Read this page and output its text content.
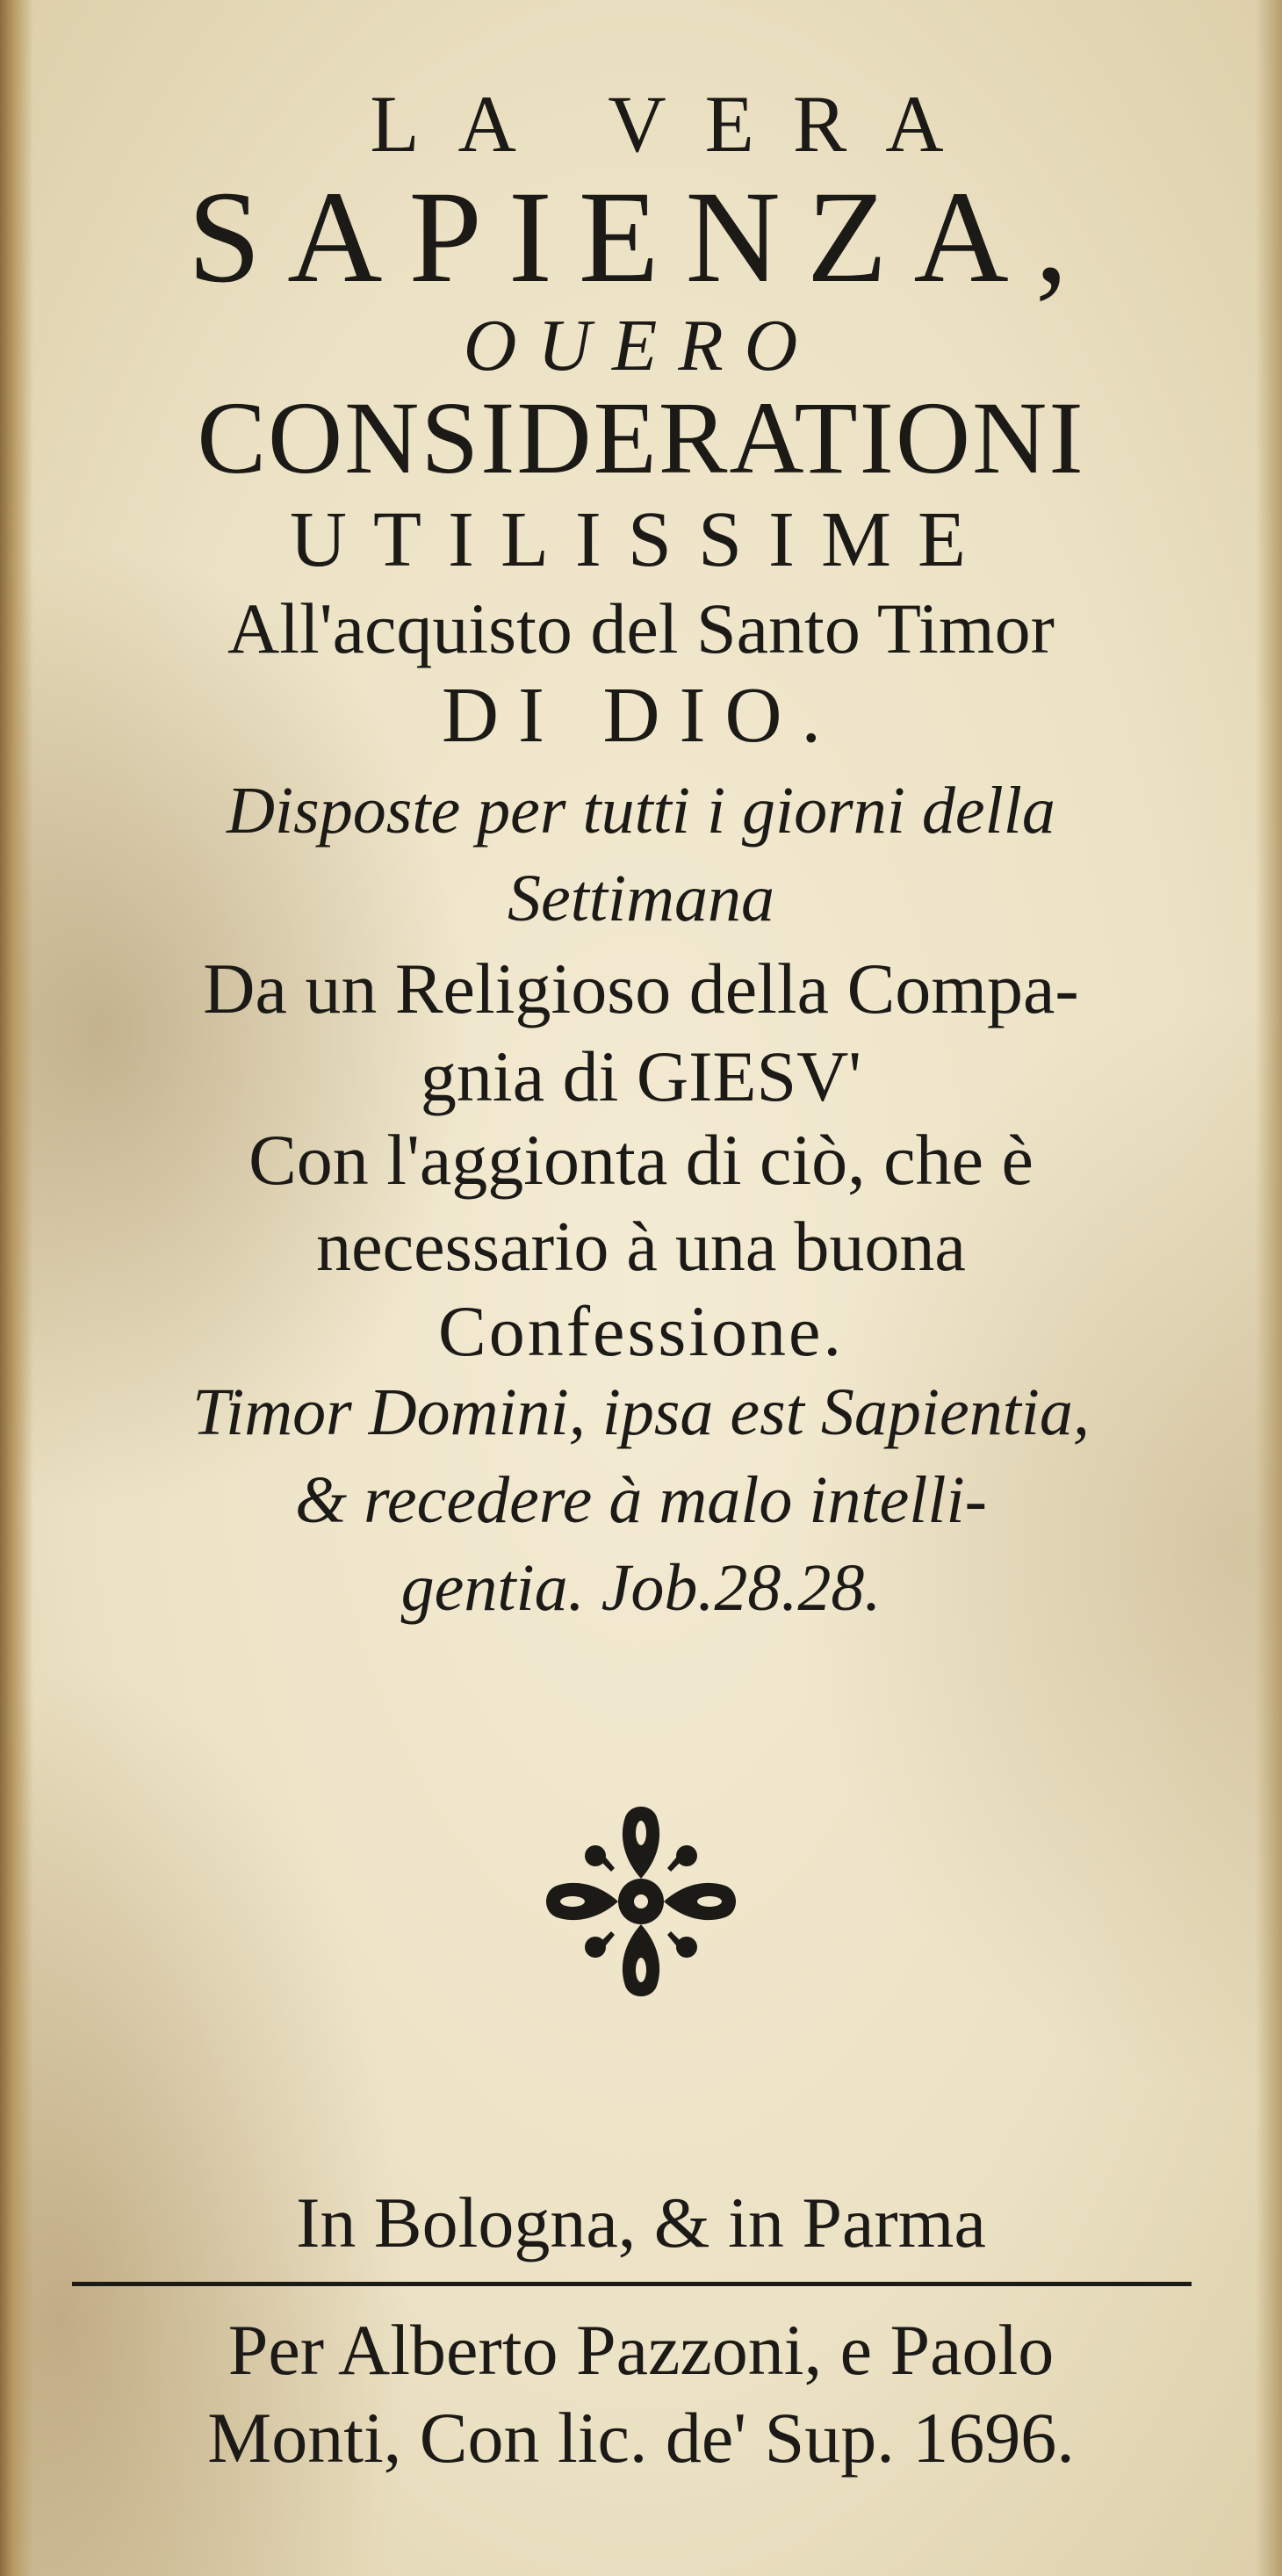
LA VERA

SAPIENZA,

OUERO

CONSIDERATIONI

UTILISSIME

All'acquisto del Santo Timor

DI DIO.

Disposte per tutti i giorni della

Settimana

Da un Religioso della Compa-

gnia di GIESV'

Con l'aggionta di ciò, che è

necessario à una buona

Confessione.

Timor Domini, ipsa est Sapientia,

& recedere à malo intelli-

gentia. Job.28.28.

In Bologna, & in Parma

Per Alberto Pazzoni, e Paolo

Monti, Con lic. de' Sup. 1696.
